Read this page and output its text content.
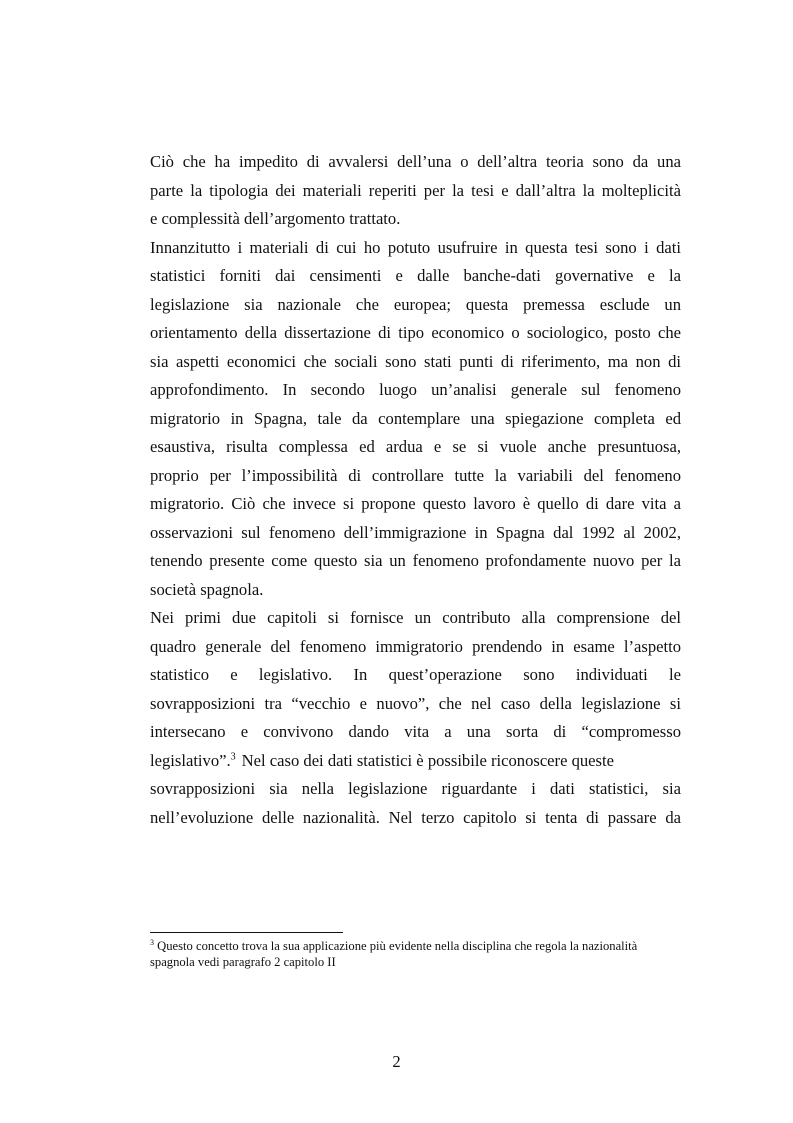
Ciò che ha impedito di avvalersi dell’una o dell’altra teoria sono da una
parte la tipologia dei materiali reperiti per la tesi e dall’altra la molteplicità
e complessità dell’argomento trattato.
Innanzitutto i materiali di cui ho potuto usufruire in questa tesi sono i dati
statistici forniti dai censimenti e dalle banche-dati governative e la
legislazione sia nazionale che europea; questa premessa esclude un
orientamento della dissertazione di tipo economico o sociologico, posto che
sia aspetti economici che sociali sono stati punti di riferimento, ma non di
approfondimento. In secondo luogo un’analisi generale sul fenomeno
migratorio in Spagna, tale da contemplare una spiegazione completa ed
esaustiva, risulta complessa ed ardua e se si vuole anche presuntuosa,
proprio per l’impossibilità di controllare tutte la variabili del fenomeno
migratorio. Ciò che invece si propone questo lavoro è quello di dare vita a
osservazioni sul fenomeno dell’immigrazione in Spagna dal 1992 al 2002,
tenendo presente come questo sia un fenomeno profondamente nuovo per la
società spagnola.
Nei primi due capitoli si fornisce un contributo alla comprensione del
quadro generale del fenomeno immigratorio prendendo in esame l’aspetto
statistico e legislativo. In quest’operazione sono individuati le
sovrapposizioni tra “vecchio e nuovo”, che nel caso della legislazione si
intersecano e convivono dando vita a una sorta di “compromesso
legislativo”.$^3$ Nel caso dei dati statistici è possibile riconoscere queste
sovrapposizioni sia nella legislazione riguardante i dati statistici, sia
nell’evoluzione delle nazionalità. Nel terzo capitolo si tenta di passare da
$^3$ Questo concetto trova la sua applicazione più evidente nella disciplina che regola la nazionalità
spagnola vedi paragrafo 2 capitolo II
2
